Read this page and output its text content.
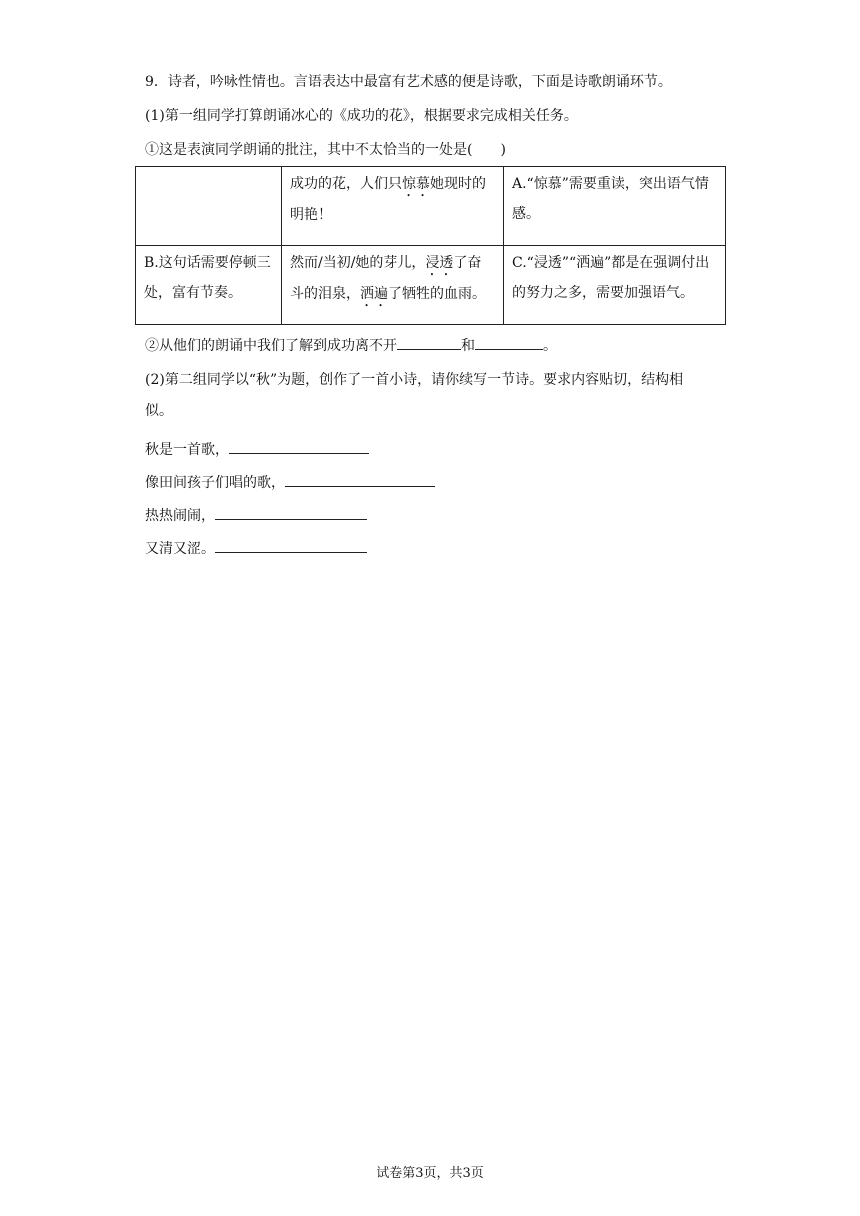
9．诗者，吟咏性情也。言语表达中最富有艺术感的便是诗歌，下面是诗歌朗诵环节。
(1)第一组同学打算朗诵冰心的《成功的花》，根据要求完成相关任务。
①这是表演同学朗诵的批注，其中不太恰当的一处是(　　)
	成功的花，人们只惊慕她现时的明艳！	A.“惊慕”需要重读，突出语气情感。
B.这句话需要停顿三处，富有节奏。	然而/当初/她的芽儿，浸透了奋斗的泪泉，洒遍了牺牲的血雨。	C.“浸透”“洒遍”都是在强调付出的努力之多，需要加强语气。
②从他们的朗诵中我们了解到成功离不开	和	。
(2)第二组同学以“秋”为题，创作了一首小诗，请你续写一节诗。要求内容贴切，结构相
似。
秋是一首歌，
像田间孩子们唱的歌，
热热闹闹，
又清又涩。
试卷第3页，共3页
